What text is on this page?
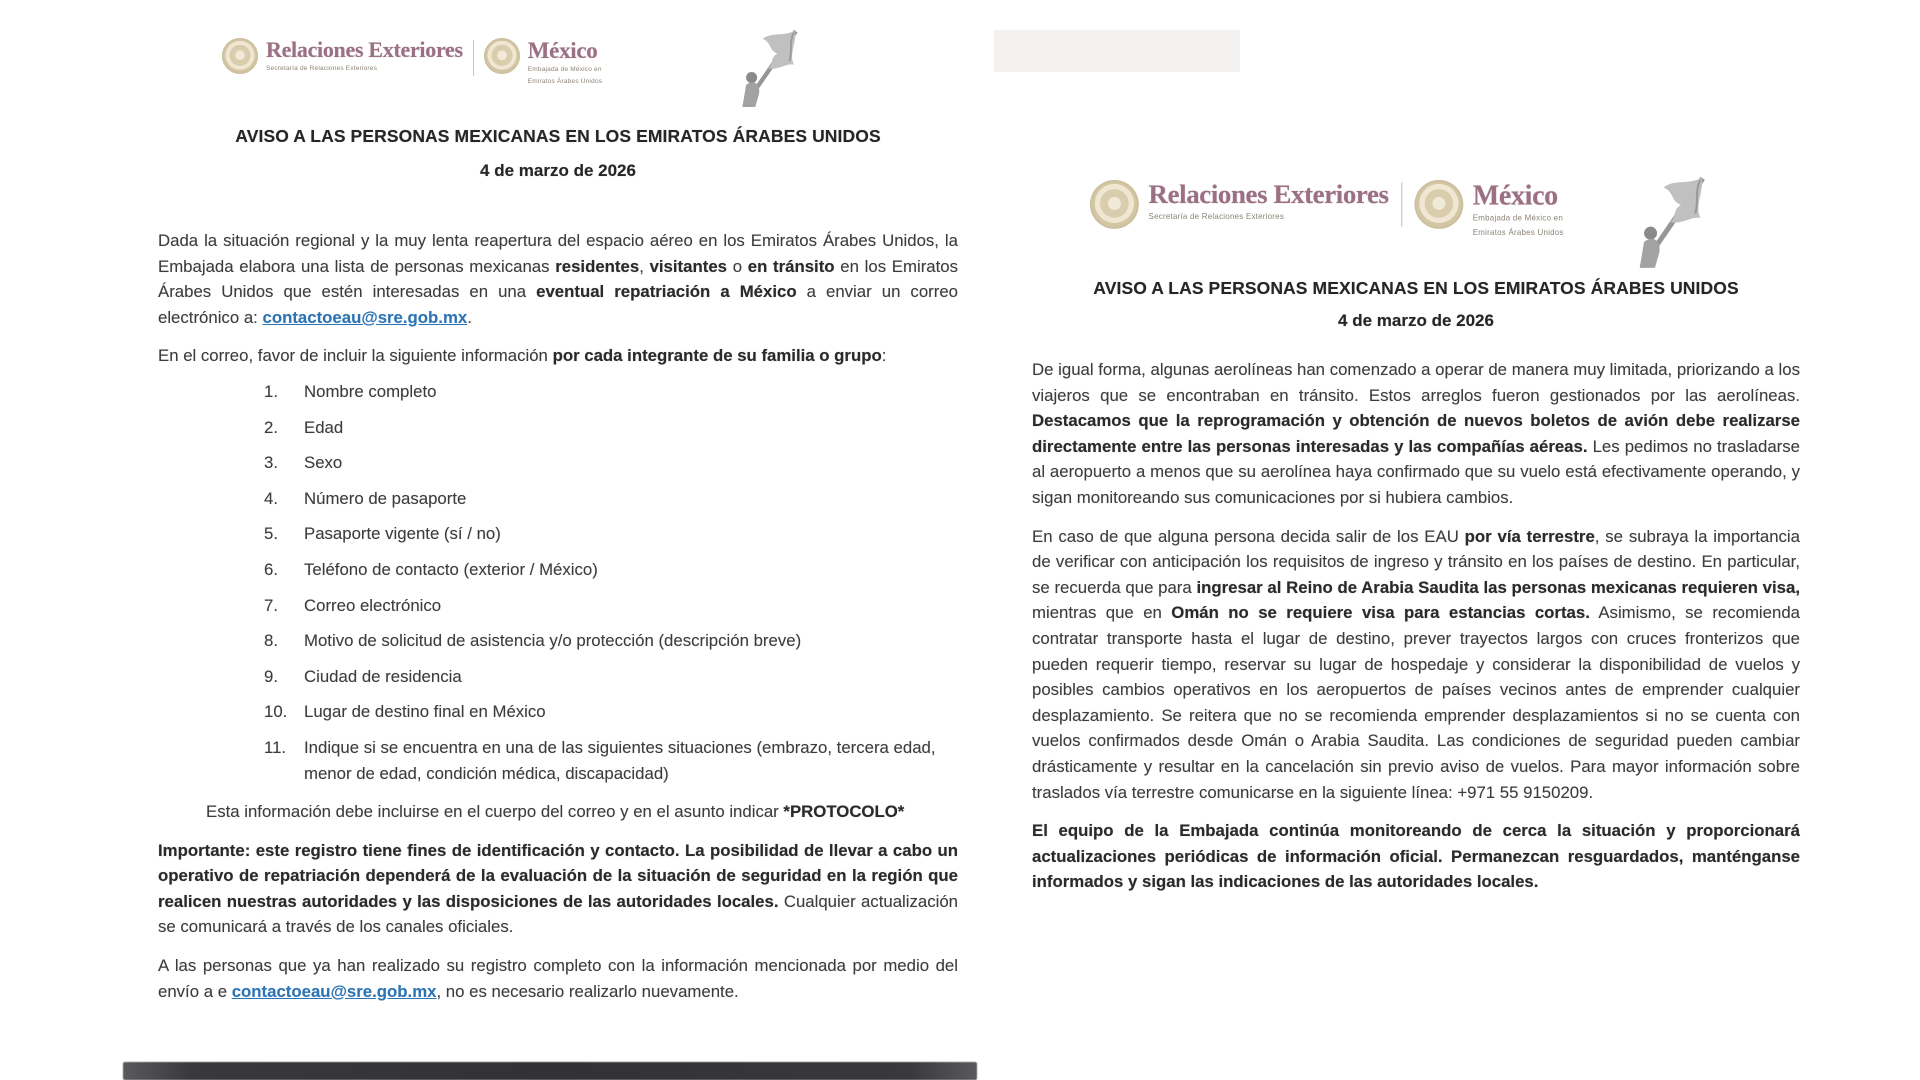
Relaciones Exteriores
Secretaría de Relaciones Exteriores
México
Embajada de México en
Emiratos Árabes Unidos
AVISO A LAS PERSONAS MEXICANAS EN LOS EMIRATOS ÁRABES UNIDOS
4 de marzo de 2026

Dada la situación regional y la muy lenta reapertura del espacio aéreo en los Emiratos Árabes Unidos, la Embajada elabora una lista de personas mexicanas residentes, visitantes o en tránsito en los Emiratos Árabes Unidos que estén interesadas en una eventual repatriación a México a enviar un correo electrónico a: contactoeau@sre.gob.mx.

En el correo, favor de incluir la siguiente información por cada integrante de su familia o grupo:

1. Nombre completo
2. Edad
3. Sexo
4. Número de pasaporte
5. Pasaporte vigente (sí / no)
6. Teléfono de contacto (exterior / México)
7. Correo electrónico
8. Motivo de solicitud de asistencia y/o protección (descripción breve)
9. Ciudad de residencia
10. Lugar de destino final en México
11. Indique si se encuentra en una de las siguientes situaciones (embrazo, tercera edad, menor de edad, condición médica, discapacidad)

Esta información debe incluirse en el cuerpo del correo y en el asunto indicar *PROTOCOLO*

Importante: este registro tiene fines de identificación y contacto. La posibilidad de llevar a cabo un operativo de repatriación dependerá de la evaluación de la situación de seguridad en la región que realicen nuestras autoridades y las disposiciones de las autoridades locales. Cualquier actualización se comunicará a través de los canales oficiales.

A las personas que ya han realizado su registro completo con la información mencionada por medio del envío a e contactoeau@sre.gob.mx, no es necesario realizarlo nuevamente.

Relaciones Exteriores
Secretaría de Relaciones Exteriores
México
Embajada de México en
Emiratos Árabes Unidos
AVISO A LAS PERSONAS MEXICANAS EN LOS EMIRATOS ÁRABES UNIDOS
4 de marzo de 2026

De igual forma, algunas aerolíneas han comenzado a operar de manera muy limitada, priorizando a los viajeros que se encontraban en tránsito. Estos arreglos fueron gestionados por las aerolíneas. Destacamos que la reprogramación y obtención de nuevos boletos de avión debe realizarse directamente entre las personas interesadas y las compañías aéreas. Les pedimos no trasladarse al aeropuerto a menos que su aerolínea haya confirmado que su vuelo está efectivamente operando, y sigan monitoreando sus comunicaciones por si hubiera cambios.

En caso de que alguna persona decida salir de los EAU por vía terrestre, se subraya la importancia de verificar con anticipación los requisitos de ingreso y tránsito en los países de destino. En particular, se recuerda que para ingresar al Reino de Arabia Saudita las personas mexicanas requieren visa, mientras que en Omán no se requiere visa para estancias cortas. Asimismo, se recomienda contratar transporte hasta el lugar de destino, prever trayectos largos con cruces fronterizos que pueden requerir tiempo, reservar su lugar de hospedaje y considerar la disponibilidad de vuelos y posibles cambios operativos en los aeropuertos de países vecinos antes de emprender cualquier desplazamiento. Se reitera que no se recomienda emprender desplazamientos si no se cuenta con vuelos confirmados desde Omán o Arabia Saudita. Las condiciones de seguridad pueden cambiar drásticamente y resultar en la cancelación sin previo aviso de vuelos. Para mayor información sobre traslados vía terrestre comunicarse en la siguiente línea: +971 55 9150209.

El equipo de la Embajada continúa monitoreando de cerca la situación y proporcionará actualizaciones periódicas de información oficial. Permanezcan resguardados, manténganse informados y sigan las indicaciones de las autoridades locales.
